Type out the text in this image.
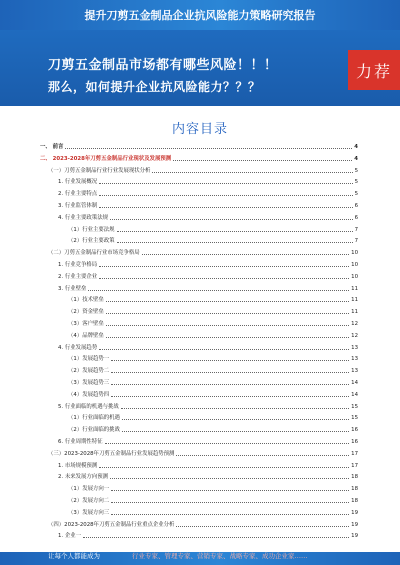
提升刀剪五金制品企业抗风险能力策略研究报告
刀剪五金制品市场都有哪些风险！！！
那么，如何提升企业抗风险能力？？？
力荐
内容目录
一、 前言	4
二、 2023-2028年刀剪五金制品行业现状及发展预测	4
（一）刀剪五金制品行业行业发展现状分析	5
1. 行业发展概况	5
2. 行业主要特点	5
3. 行业监管体制	6
4. 行业主要政策法规	6
（1）行业主要法规	7
（2）行业主要政策	7
（二）刀剪五金制品行业市场竞争格局	10
1. 行业竞争格局	10
2. 行业主要企业	10
3. 行业壁垒	11
（1）技术壁垒	11
（2）资金壁垒	11
（3）客户壁垒	12
（4）品牌壁垒	12
4. 行业发展趋势	13
（1）发展趋势一	13
（2）发展趋势二	13
（3）发展趋势三	14
（4）发展趋势四	14
5. 行业面临的机遇与挑战	15
（1）行业面临的机遇	15
（2）行业面临的挑战	16
6. 行业周期性特征	16
（三）2023-2028年刀剪五金制品行业发展趋势预测	17
1. 市场规模预测	17
2. 未来发展方向预测	18
（1）发展方向一	18
（2）发展方向二	18
（3）发展方向三	19
（四）2023-2028年刀剪五金制品行业重点企业分析	19
1. 企业一	19
让每个人都能成为	行业专家、管理专家、营销专家、战略专家、成功企业家……
